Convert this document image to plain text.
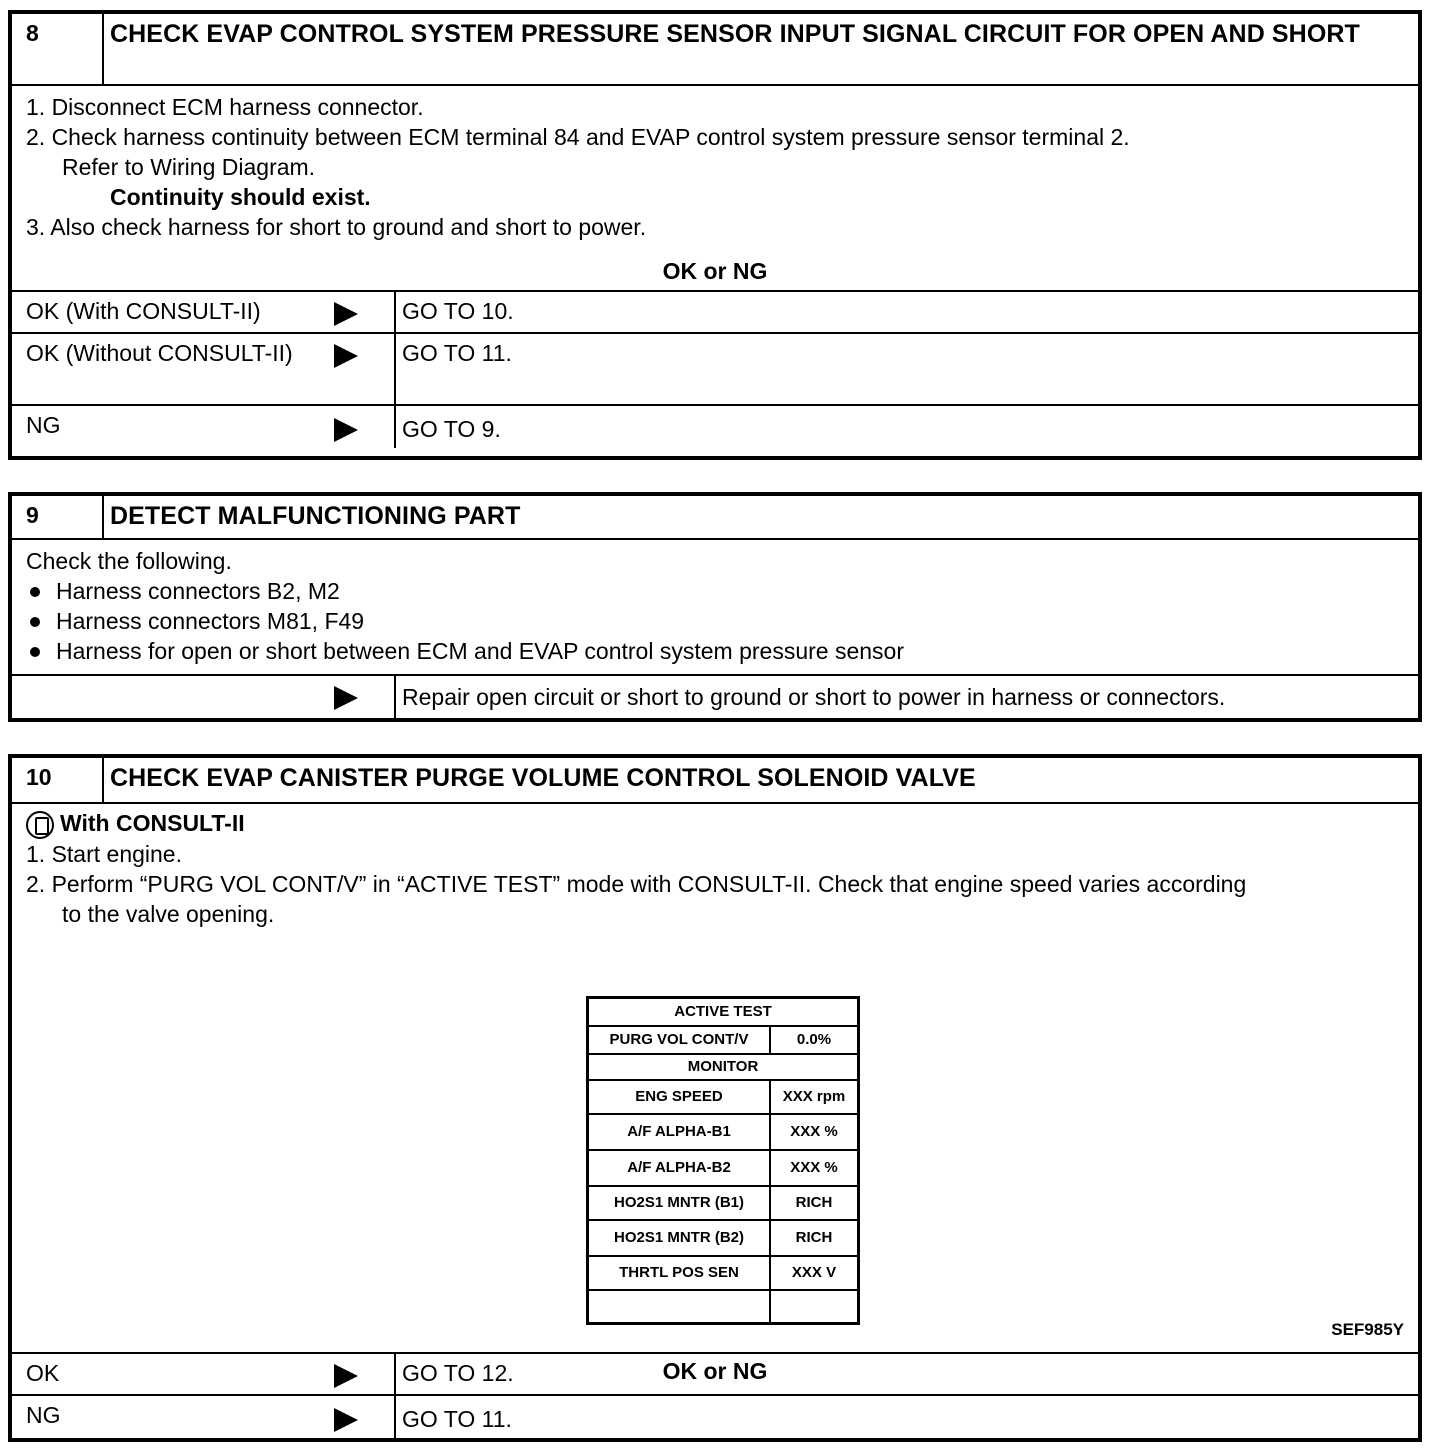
8	CHECK EVAP CONTROL SYSTEM PRESSURE SENSOR INPUT SIGNAL CIRCUIT FOR OPEN AND SHORT
1. Disconnect ECM harness connector.
2. Check harness continuity between ECM terminal 84 and EVAP control system pressure sensor terminal 2.
Refer to Wiring Diagram.
Continuity should exist.
3. Also check harness for short to ground and short to power.
OK or NG
OK (With CONSULT-II)	GO TO 10.
OK (Without CONSULT-II)	GO TO 11.
NG	GO TO 9.
9	DETECT MALFUNCTIONING PART
Check the following.
Harness connectors B2, M2
Harness connectors M81, F49
Harness for open or short between ECM and EVAP control system pressure sensor
Repair open circuit or short to ground or short to power in harness or connectors.
10	CHECK EVAP CANISTER PURGE VOLUME CONTROL SOLENOID VALVE
With CONSULT-II
1. Start engine.
2. Perform “PURG VOL CONT/V” in “ACTIVE TEST” mode with CONSULT-II. Check that engine speed varies according
to the valve opening.
ACTIVE TEST	
PURG VOL CONT/V	0.0%
MONITOR	
ENG SPEED	XXX rpm
A/F ALPHA-B1	XXX %
A/F ALPHA-B2	XXX %
HO2S1 MNTR (B1)	RICH
HO2S1 MNTR (B2)	RICH
THRTL POS SEN	XXX V

SEF985Y
OK or NG
OK	GO TO 12.
NG	GO TO 11.
